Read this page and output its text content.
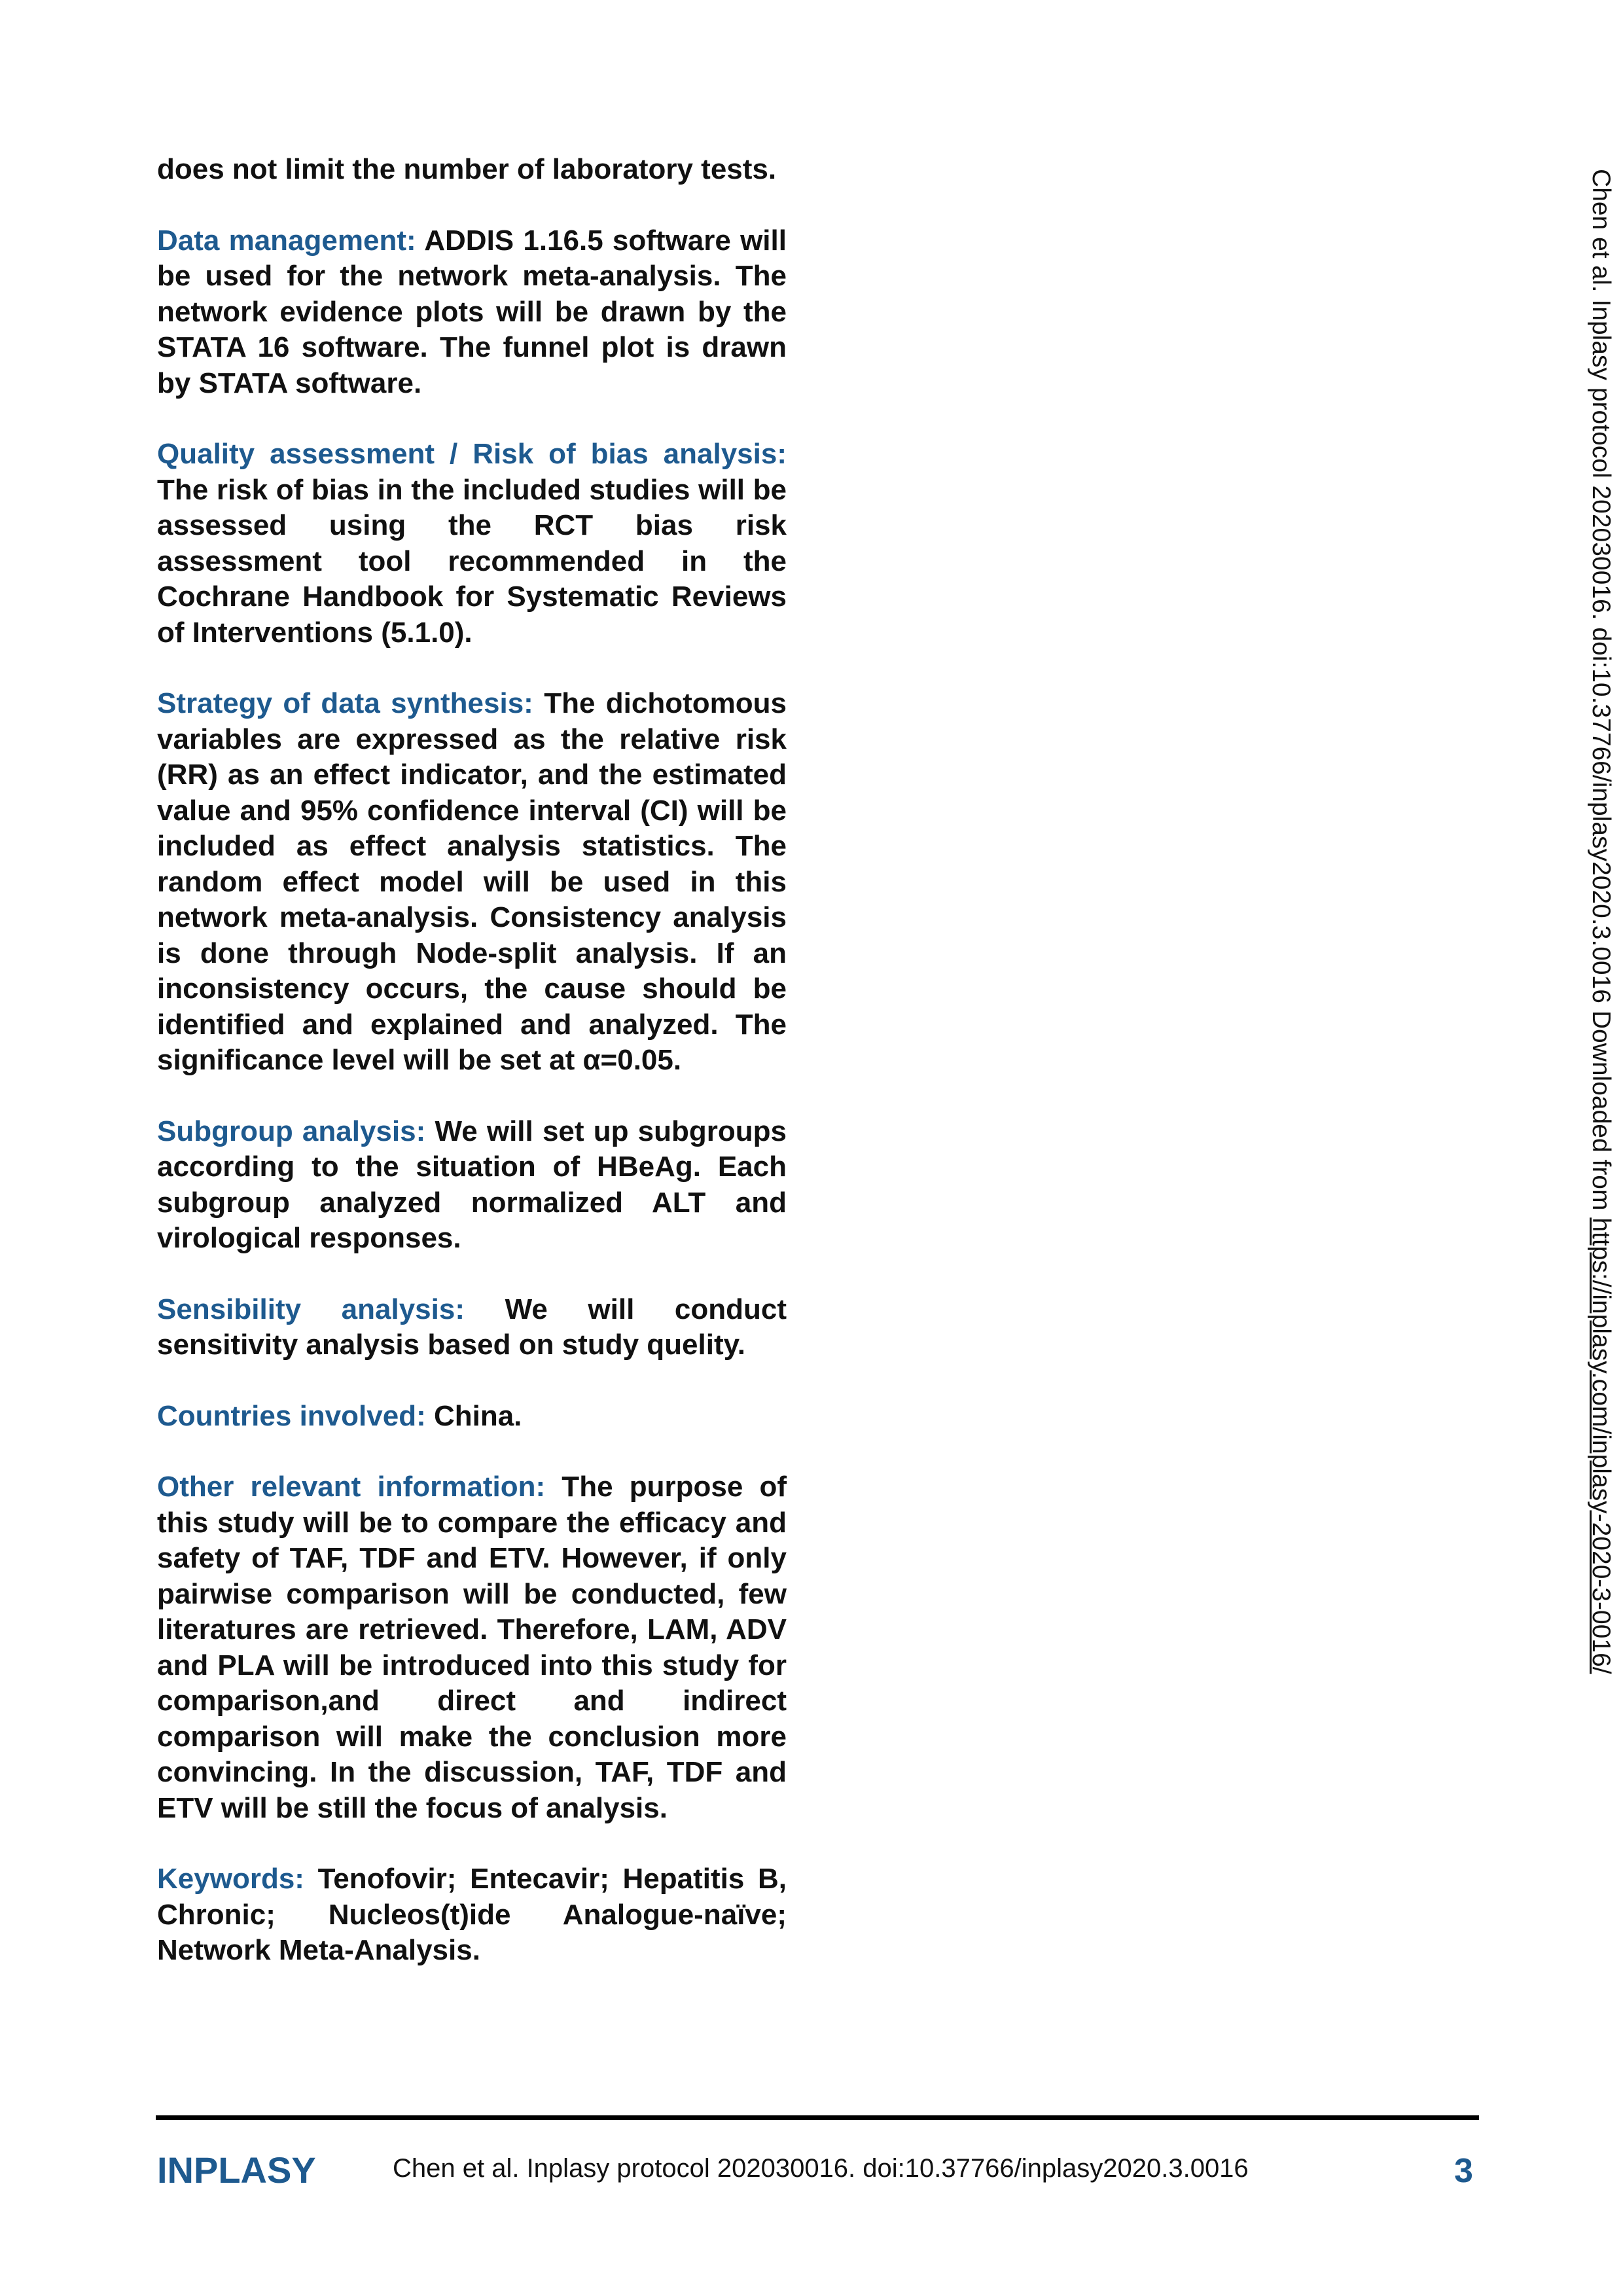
does not limit the number of laboratory tests.

Data management: ADDIS 1.16.5 software will be used for the network meta-analysis. The network evidence plots will be drawn by the STATA 16 software. The funnel plot is drawn by STATA software.

Quality assessment / Risk of bias analysis: The risk of bias in the included studies will be assessed using the RCT bias risk assessment tool recommended in the Cochrane Handbook for Systematic Reviews of Interventions (5.1.0).

Strategy of data synthesis: The dichotomous variables are expressed as the relative risk (RR) as an effect indicator, and the estimated value and 95% confidence interval (CI) will be included as effect analysis statistics. The random effect model will be used in this network meta-analysis. Consistency analysis is done through Node-split analysis. If an inconsistency occurs, the cause should be identified and explained and analyzed. The significance level will be set at α=0.05.

Subgroup analysis: We will set up subgroups according to the situation of HBeAg. Each subgroup analyzed normalized ALT and virological responses.

Sensibility analysis: We will conduct sensitivity analysis based on study quelity.

Countries involved: China.

Other relevant information: The purpose of this study will be to compare the efficacy and safety of TAF, TDF and ETV. However, if only pairwise comparison will be conducted, few literatures are retrieved. Therefore, LAM, ADV and PLA will be introduced into this study for comparison,and direct and indirect comparison will make the conclusion more convincing. In the discussion, TAF, TDF and ETV will be still the focus of analysis.

Keywords: Tenofovir; Entecavir; Hepatitis B, Chronic; Nucleos(t)ide Analogue-naïve; Network Meta-Analysis.

Chen et al. Inplasy protocol 202030016. doi:10.37766/inplasy2020.3.0016 Downloaded from https://inplasy.com/inplasy-2020-3-0016/
INPLASY	Chen et al. Inplasy protocol 202030016. doi:10.37766/inplasy2020.3.0016	3
